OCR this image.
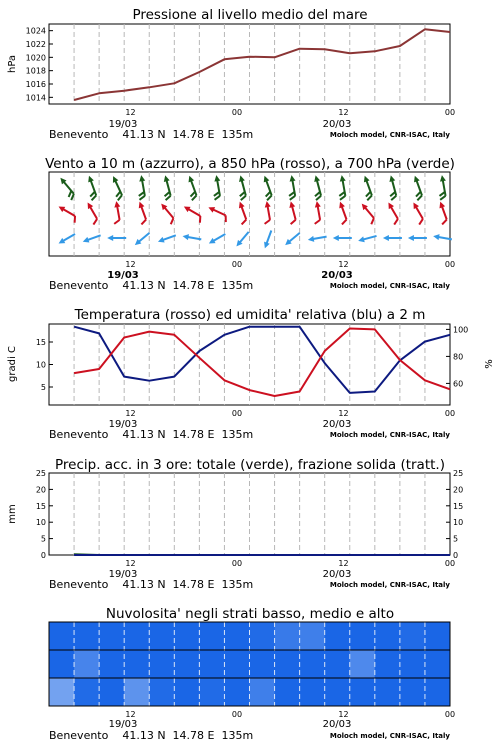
Pressione al livello medio del mare
hPa
1014
1016
1018
1020
1022
1024
12	00	12	00
19/03	20/03
Benevento    41.13 N  14.78 E  135m	Moloch model, CNR-ISAC, Italy
Vento a 10 m (azzurro), a 850 hPa (rosso), a 700 hPa (verde)
12	00	12	00
19/03	20/03
Benevento    41.13 N  14.78 E  135m	Moloch model, CNR-ISAC, Italy
Temperatura (rosso) ed umidita' relativa (blu) a 2 m
gradi C	%
5
10
15
60
80
100
12	00	12	00
19/03	20/03
Benevento    41.13 N  14.78 E  135m	Moloch model, CNR-ISAC, Italy
Precip. acc. in 3 ore: totale (verde), frazione solida (tratt.)
mm
0
5
10
15
20
25
0
5
10
15
20
25
12	00	12	00
19/03	20/03
Benevento    41.13 N  14.78 E  135m	Moloch model, CNR-ISAC, Italy
Nuvolosita' negli strati basso, medio e alto
12	00	12	00
19/03	20/03
Benevento    41.13 N  14.78 E  135m	Moloch model, CNR-ISAC, Italy
